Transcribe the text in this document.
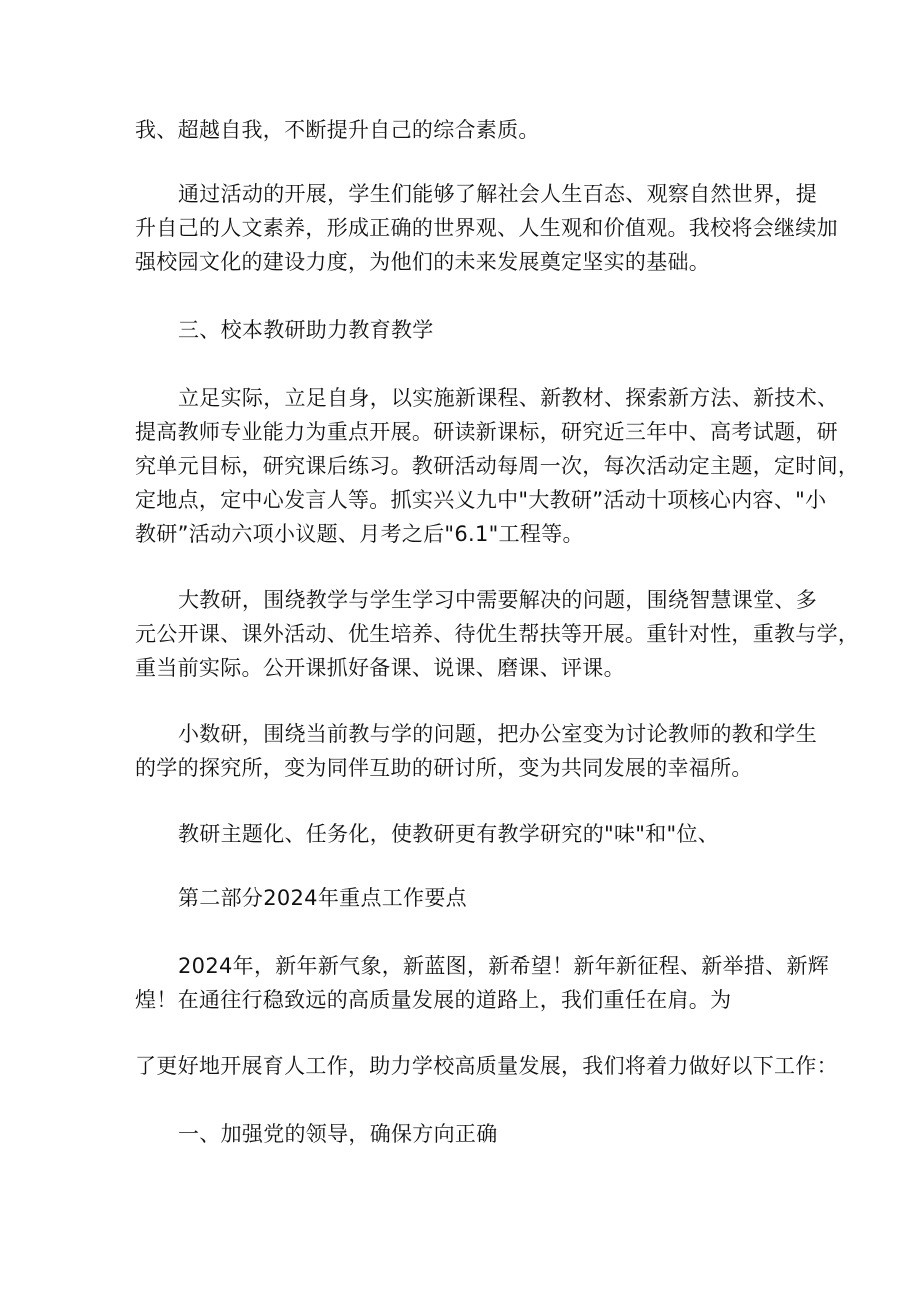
我、超越自我，不断提升自己的综合素质。
通过活动的开展，学生们能够了解社会人生百态、观察自然世界，提
升自己的人文素养，形成正确的世界观、人生观和价值观。我校将会继续加
强校园文化的建设力度，为他们的未来发展奠定坚实的基础。
三、校本教研助力教育教学
立足实际，立足自身，以实施新课程、新教材、探索新方法、新技术、
提高教师专业能力为重点开展。研读新课标，研究近三年中、高考试题，研
究单元目标，研究课后练习。教研活动每周一次，每次活动定主题，定时间，
定地点，定中心发言人等。抓实兴义九中"大教研”活动十项核心内容、"小
教研”活动六项小议题、月考之后"6.1"工程等。
大教研，围绕教学与学生学习中需要解决的问题，围绕智慧课堂、多
元公开课、课外活动、优生培养、待优生帮扶等开展。重针对性，重教与学，
重当前实际。公开课抓好备课、说课、磨课、评课。
小数研，围绕当前教与学的问题，把办公室变为讨论教师的教和学生
的学的探究所，变为同伴互助的研讨所，变为共同发展的幸福所。
教研主题化、任务化，使教研更有教学研究的"味"和"位、
第二部分2024年重点工作要点
2024年，新年新气象，新蓝图，新希望！新年新征程、新举措、新辉
煌！在通往行稳致远的高质量发展的道路上，我们重任在肩。为
了更好地开展育人工作，助力学校高质量发展，我们将着力做好以下工作：
一、加强党的领导，确保方向正确
